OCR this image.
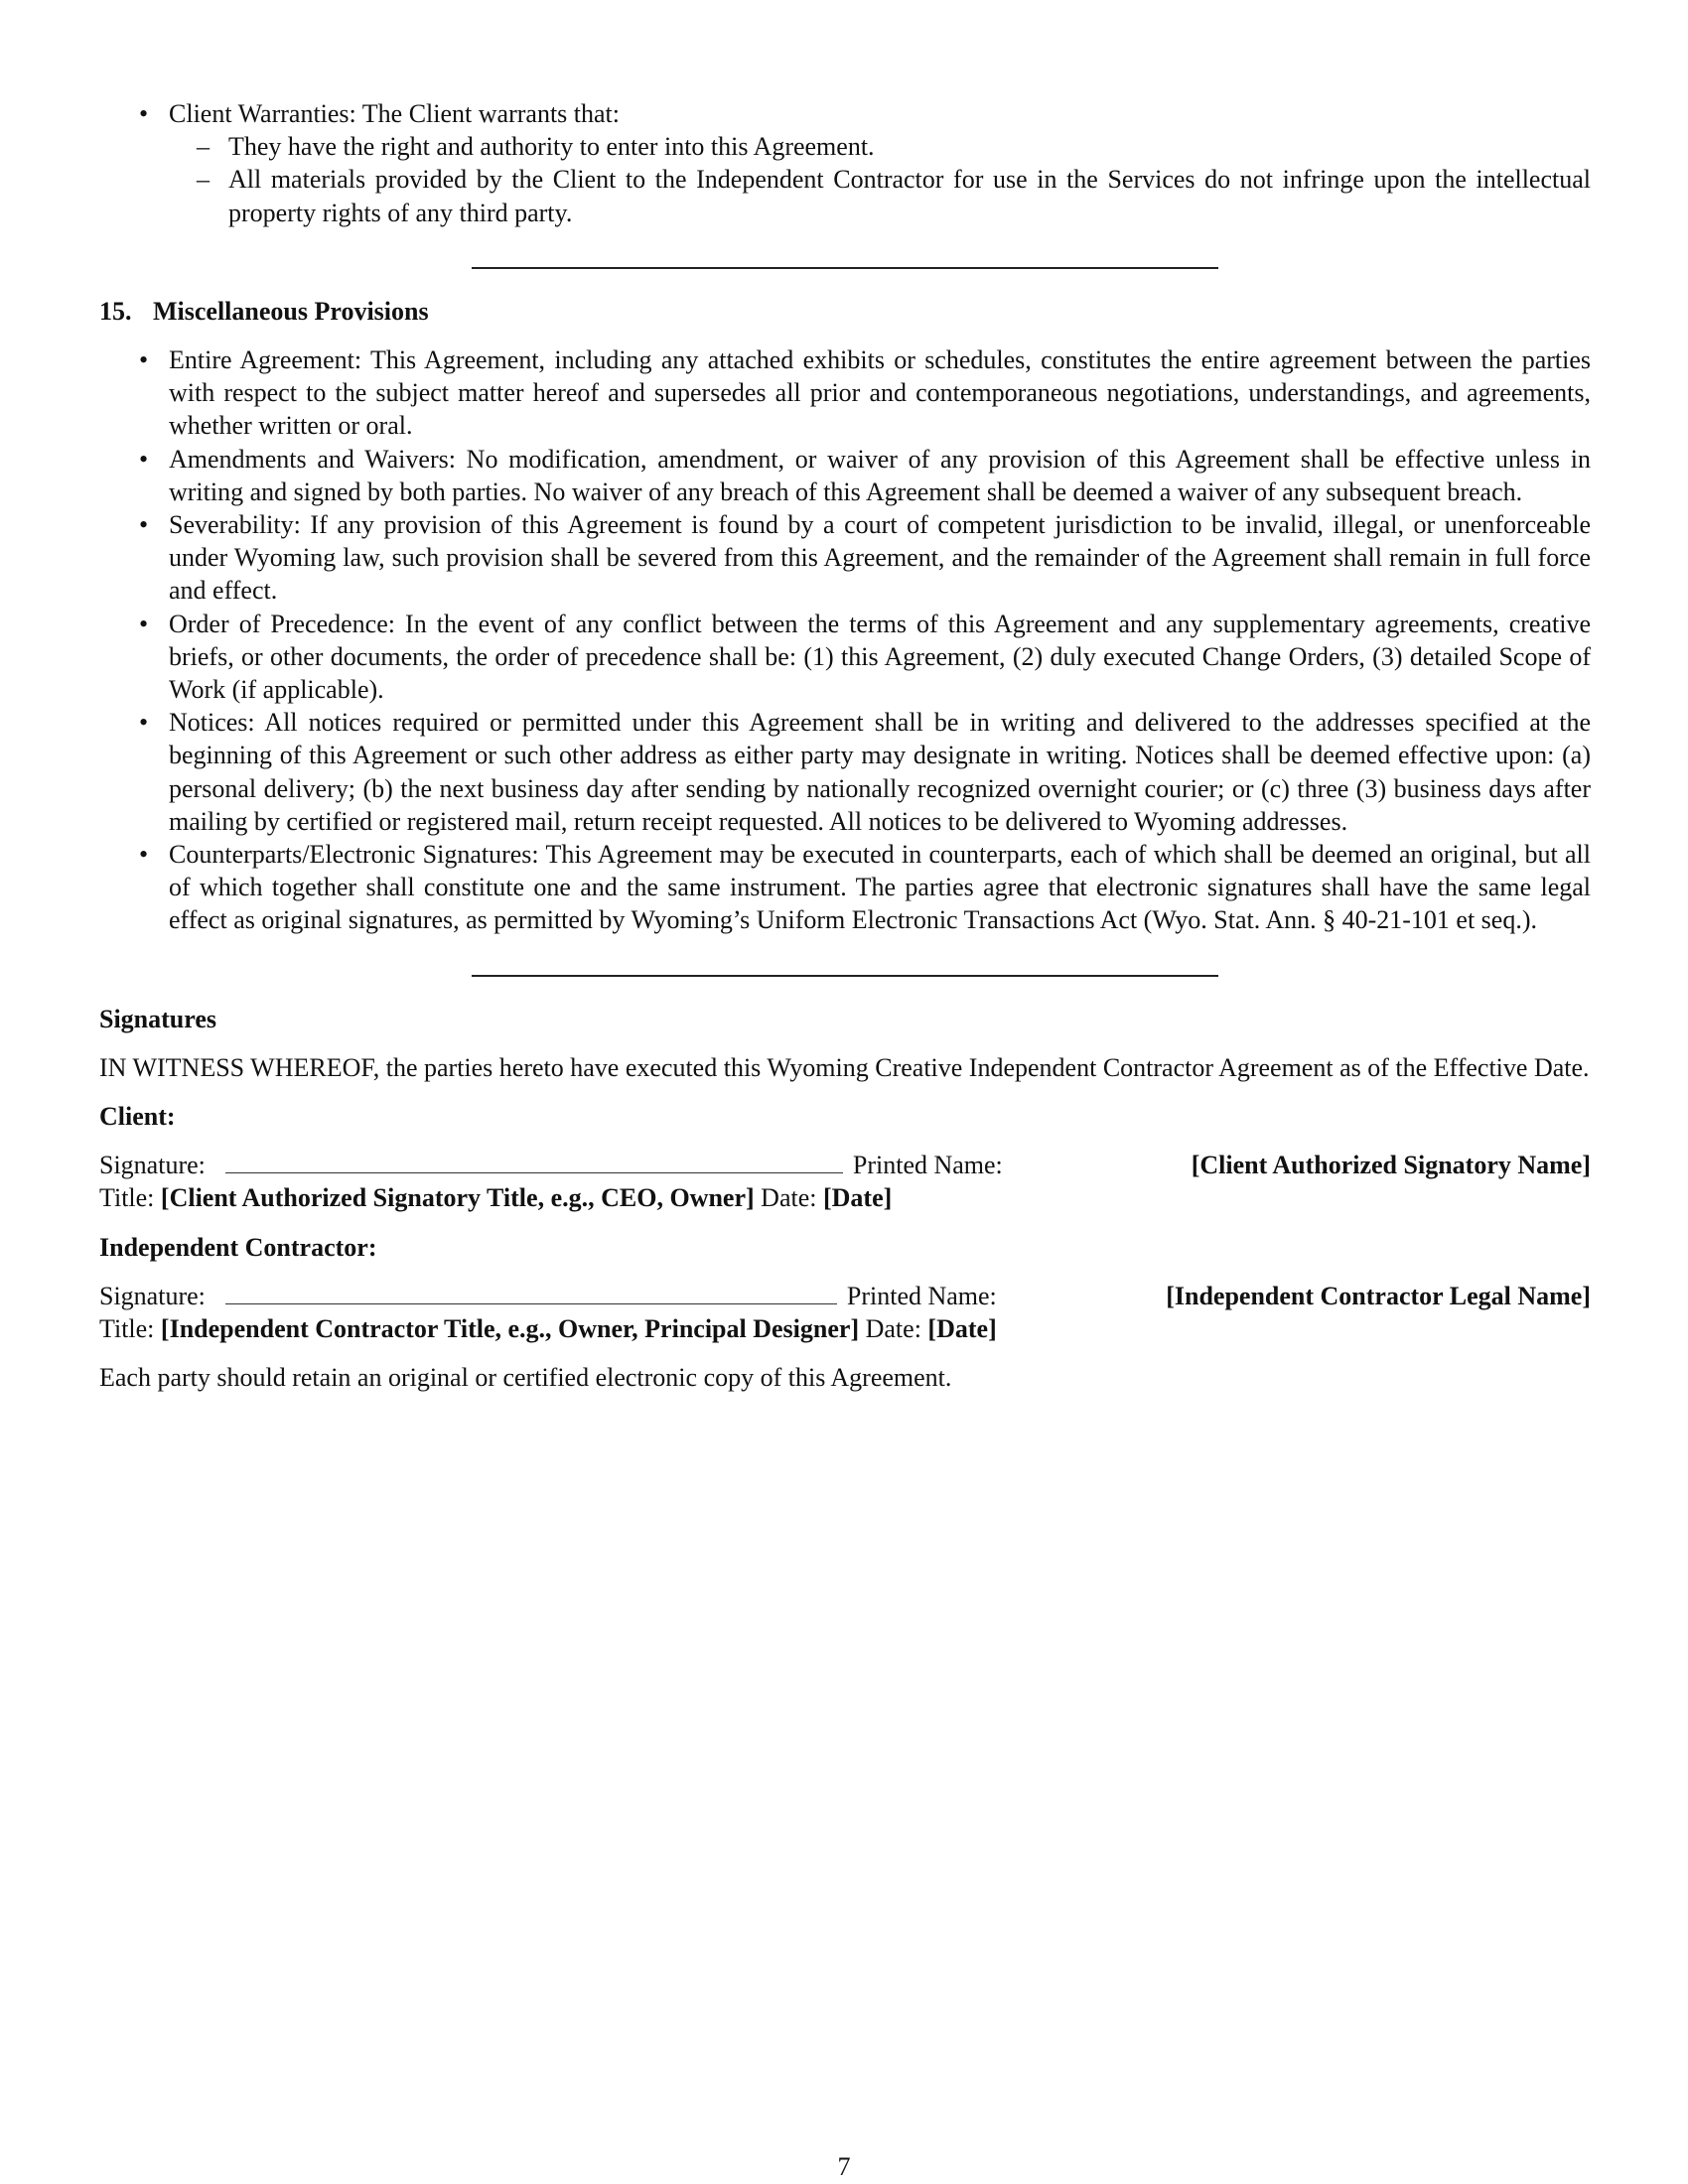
• Client Warranties: The Client warrants that:
– They have the right and authority to enter into this Agreement.
– All materials provided by the Client to the Independent Contractor for use in the Services do not infringe upon the intellectual property rights of any third party.
15. Miscellaneous Provisions
• Entire Agreement: This Agreement, including any attached exhibits or schedules, constitutes the entire agreement between the parties with respect to the subject matter hereof and supersedes all prior and contemporaneous negotiations, understandings, and agreements, whether written or oral.
• Amendments and Waivers: No modification, amendment, or waiver of any provision of this Agreement shall be effective unless in writing and signed by both parties. No waiver of any breach of this Agreement shall be deemed a waiver of any subsequent breach.
• Severability: If any provision of this Agreement is found by a court of competent jurisdiction to be invalid, illegal, or unenforceable under Wyoming law, such provision shall be severed from this Agreement, and the remainder of the Agreement shall remain in full force and effect.
• Order of Precedence: In the event of any conflict between the terms of this Agreement and any supplementary agreements, creative briefs, or other documents, the order of precedence shall be: (1) this Agreement, (2) duly executed Change Orders, (3) detailed Scope of Work (if applicable).
• Notices: All notices required or permitted under this Agreement shall be in writing and delivered to the addresses specified at the beginning of this Agreement or such other address as either party may designate in writing. Notices shall be deemed effective upon: (a) personal delivery; (b) the next business day after sending by nationally recognized overnight courier; or (c) three (3) business days after mailing by certified or registered mail, return receipt requested. All notices to be delivered to Wyoming addresses.
• Counterparts/Electronic Signatures: This Agreement may be executed in counterparts, each of which shall be deemed an original, but all of which together shall constitute one and the same instrument. The parties agree that electronic signatures shall have the same legal effect as original signatures, as permitted by Wyoming’s Uniform Electronic Transactions Act (Wyo. Stat. Ann. § 40-21-101 et seq.).
Signatures
IN WITNESS WHEREOF, the parties hereto have executed this Wyoming Creative Independent Contractor Agreement as of the Effective Date.
Client:
Signature:	Printed Name:	[Client Authorized Signatory Name]
Title: [Client Authorized Signatory Title, e.g., CEO, Owner] Date: [Date]
Independent Contractor:
Signature:	Printed Name:	[Independent Contractor Legal Name]
Title: [Independent Contractor Title, e.g., Owner, Principal Designer] Date: [Date]
Each party should retain an original or certified electronic copy of this Agreement.
7
